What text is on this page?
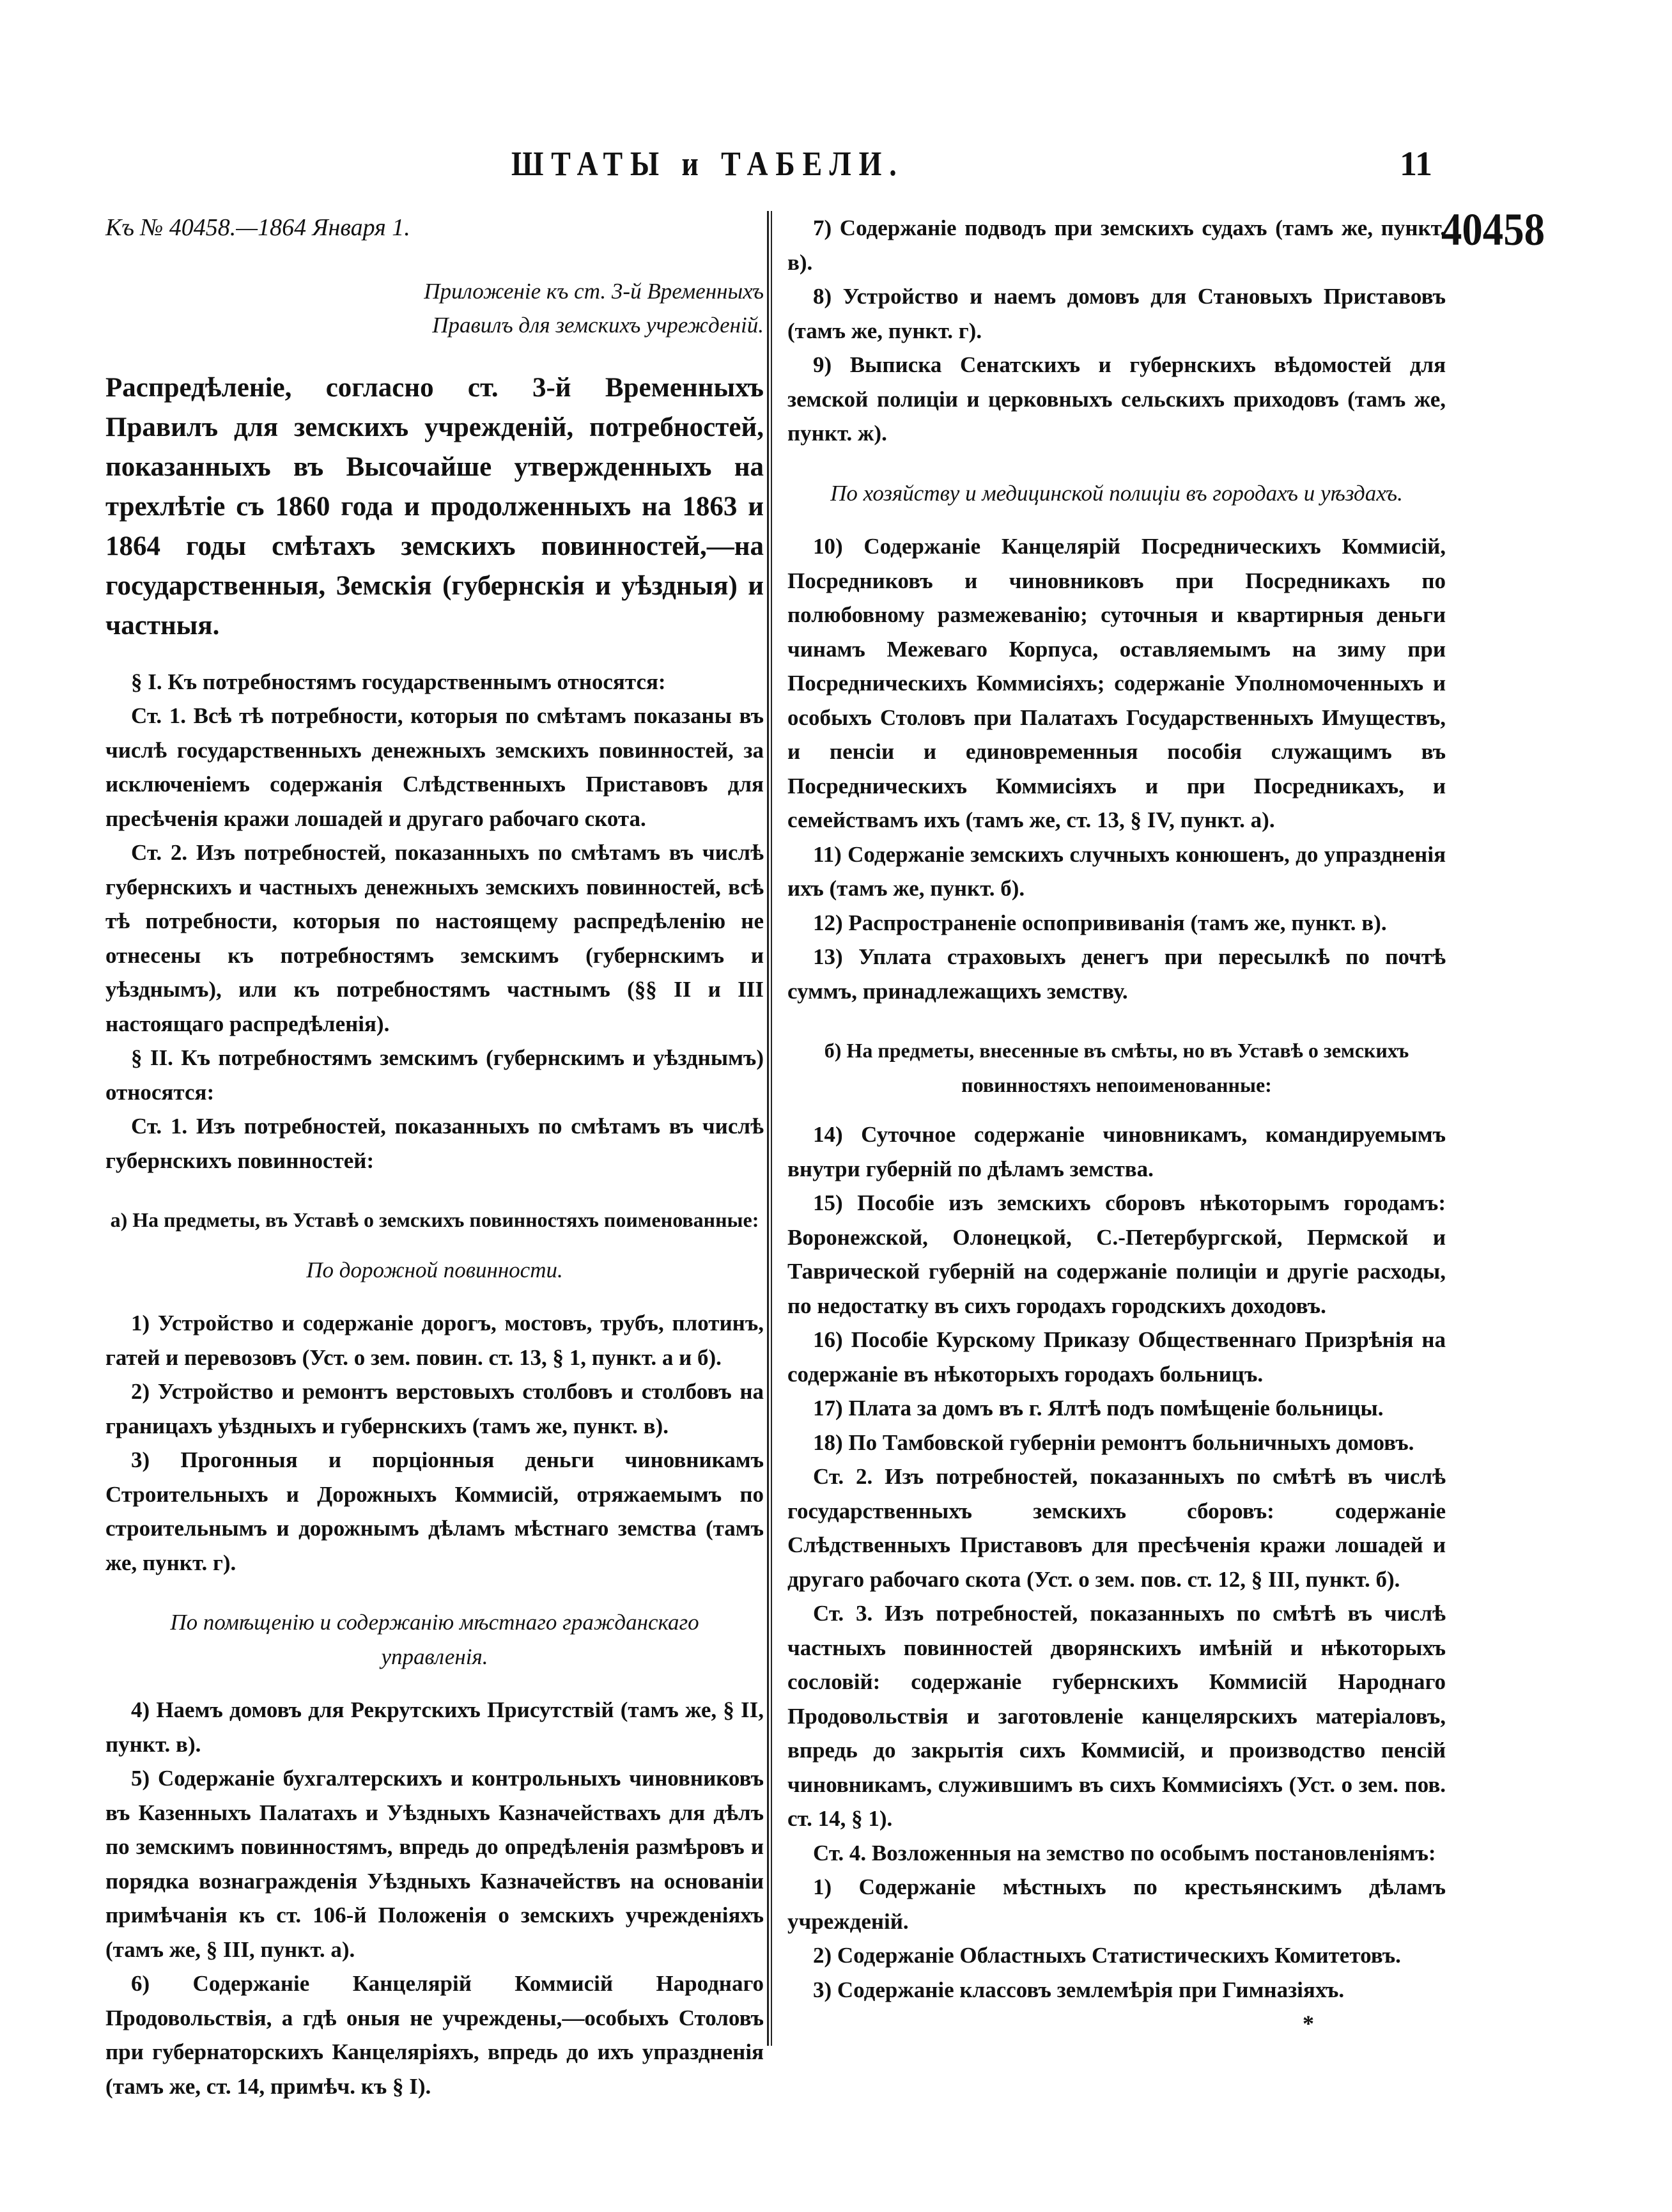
ШТАТЫ и ТАБЕЛИ.	11
40458

Къ № 40458.—1864 Января 1.

Приложеніе къ ст. 3-й Временныхъ

Правилъ для земскихъ учрежденій.

Распредѣленіе, согласно ст. 3-й Временныхъ Правилъ для земскихъ учрежденій, потребностей, показанныхъ въ Высочайше утвержденныхъ на трехлѣтіе съ 1860 года и продолженныхъ на 1863 и 1864 годы смѣтахъ земскихъ повинностей,—на государственныя, Земскія (губернскія и уѣздныя) и частныя.

§ I. Къ потребностямъ государственнымъ относятся:

Ст. 1. Всѣ тѣ потребности, которыя по смѣтамъ показаны въ числѣ государственныхъ денежныхъ земскихъ повинностей, за исключеніемъ содержанія Слѣдственныхъ Приставовъ для пресѣченія кражи лошадей и другаго рабочаго скота.

Ст. 2. Изъ потребностей, показанныхъ по смѣтамъ въ числѣ губернскихъ и частныхъ денежныхъ земскихъ повинностей, всѣ тѣ потребности, которыя по настоящему распредѣленію не отнесены къ потребностямъ земскимъ (губернскимъ и уѣзднымъ), или къ потребностямъ частнымъ (§§ II и III настоящаго распредѣленія).

§ II. Къ потребностямъ земскимъ (губернскимъ и уѣзднымъ) относятся:

Ст. 1. Изъ потребностей, показанныхъ по смѣтамъ въ числѣ губернскихъ повинностей:

а) На предметы, въ Уставѣ о земскихъ повинностяхъ поименованные:

По дорожной повинности.

1) Устройство и содержаніе дорогъ, мостовъ, трубъ, плотинъ, гатей и перевозовъ (Уст. о зем. повин. ст. 13, § 1, пункт. а и б).

2) Устройство и ремонтъ верстовыхъ столбовъ и столбовъ на границахъ уѣздныхъ и губернскихъ (тамъ же, пункт. в).

3) Прогонныя и порціонныя деньги чиновникамъ Строительныхъ и Дорожныхъ Коммисій, отряжаемымъ по строительнымъ и дорожнымъ дѣламъ мѣстнаго земства (тамъ же, пункт. г).

По помѣщенію и содержанію мѣстнаго гражданскаго управленія.

4) Наемъ домовъ для Рекрутскихъ Присутствій (тамъ же, § II, пункт. в).

5) Содержаніе бухгалтерскихъ и контрольныхъ чиновниковъ въ Казенныхъ Палатахъ и Уѣздныхъ Казначействахъ для дѣлъ по земскимъ повинностямъ, впредь до опредѣленія размѣровъ и порядка вознагражденія Уѣздныхъ Казначействъ на основаніи примѣчанія къ ст. 106-й Положенія о земскихъ учрежденіяхъ (тамъ же, § III, пункт. а).

6) Содержаніе Канцелярій Коммисій Народнаго Продовольствія, а гдѣ оныя не учреждены,—особыхъ Столовъ при губернаторскихъ Канцеляріяхъ, впредь до ихъ упраздненія (тамъ же, ст. 14, примѣч. къ § I).

7) Содержаніе подводъ при земскихъ судахъ (тамъ же, пункт. в).

8) Устройство и наемъ домовъ для Становыхъ Приставовъ (тамъ же, пункт. г).

9) Выписка Сенатскихъ и губернскихъ вѣдомостей для земской полиціи и церковныхъ сельскихъ приходовъ (тамъ же, пункт. ж).

По хозяйству и медицинской полиціи въ городахъ и уѣздахъ.

10) Содержаніе Канцелярій Посредническихъ Коммисій, Посредниковъ и чиновниковъ при Посредникахъ по полюбовному размежеванію; суточныя и квартирныя деньги чинамъ Межеваго Корпуса, оставляемымъ на зиму при Посредническихъ Коммисіяхъ; содержаніе Уполномоченныхъ и особыхъ Столовъ при Палатахъ Государственныхъ Имуществъ, и пенсіи и единовременныя пособія служащимъ въ Посредническихъ Коммисіяхъ и при Посредникахъ, и семействамъ ихъ (тамъ же, ст. 13, § IV, пункт. а).

11) Содержаніе земскихъ случныхъ конюшенъ, до упраздненія ихъ (тамъ же, пункт. б).

12) Распространеніе оспопрививанія (тамъ же, пункт. в).

13) Уплата страховыхъ денегъ при пересылкѣ по почтѣ суммъ, принадлежащихъ земству.

б) На предметы, внесенные въ смѣты, но въ Уставѣ о земскихъ повинностяхъ непоименованные:

14) Суточное содержаніе чиновникамъ, командируемымъ внутри губерній по дѣламъ земства.

15) Пособіе изъ земскихъ сборовъ нѣкоторымъ городамъ: Воронежской, Олонецкой, С.-Петербургской, Пермской и Таврической губерній на содержаніе полиціи и другіе расходы, по недостатку въ сихъ городахъ городскихъ доходовъ.

16) Пособіе Курскому Приказу Общественнаго Призрѣнія на содержаніе въ нѣкоторыхъ городахъ больницъ.

17) Плата за домъ въ г. Ялтѣ подъ помѣщеніе больницы.

18) По Тамбовской губерніи ремонтъ больничныхъ домовъ.

Ст. 2. Изъ потребностей, показанныхъ по смѣтѣ въ числѣ государственныхъ земскихъ сборовъ: содержаніе Слѣдственныхъ Приставовъ для пресѣченія кражи лошадей и другаго рабочаго скота (Уст. о зем. пов. ст. 12, § III, пункт. б).

Ст. 3. Изъ потребностей, показанныхъ по смѣтѣ въ числѣ частныхъ повинностей дворянскихъ имѣній и нѣкоторыхъ сословій: содержаніе губернскихъ Коммисій Народнаго Продовольствія и заготовленіе канцелярскихъ матеріаловъ, впредь до закрытія сихъ Коммисій, и производство пенсій чиновникамъ, служившимъ въ сихъ Коммисіяхъ (Уст. о зем. пов. ст. 14, § 1).

Ст. 4. Возложенныя на земство по особымъ постановленіямъ:

1) Содержаніе мѣстныхъ по крестьянскимъ дѣламъ учрежденій.

2) Содержаніе Областныхъ Статистическихъ Комитетовъ.

3) Содержаніе классовъ землемѣрія при Гимназіяхъ.

*
